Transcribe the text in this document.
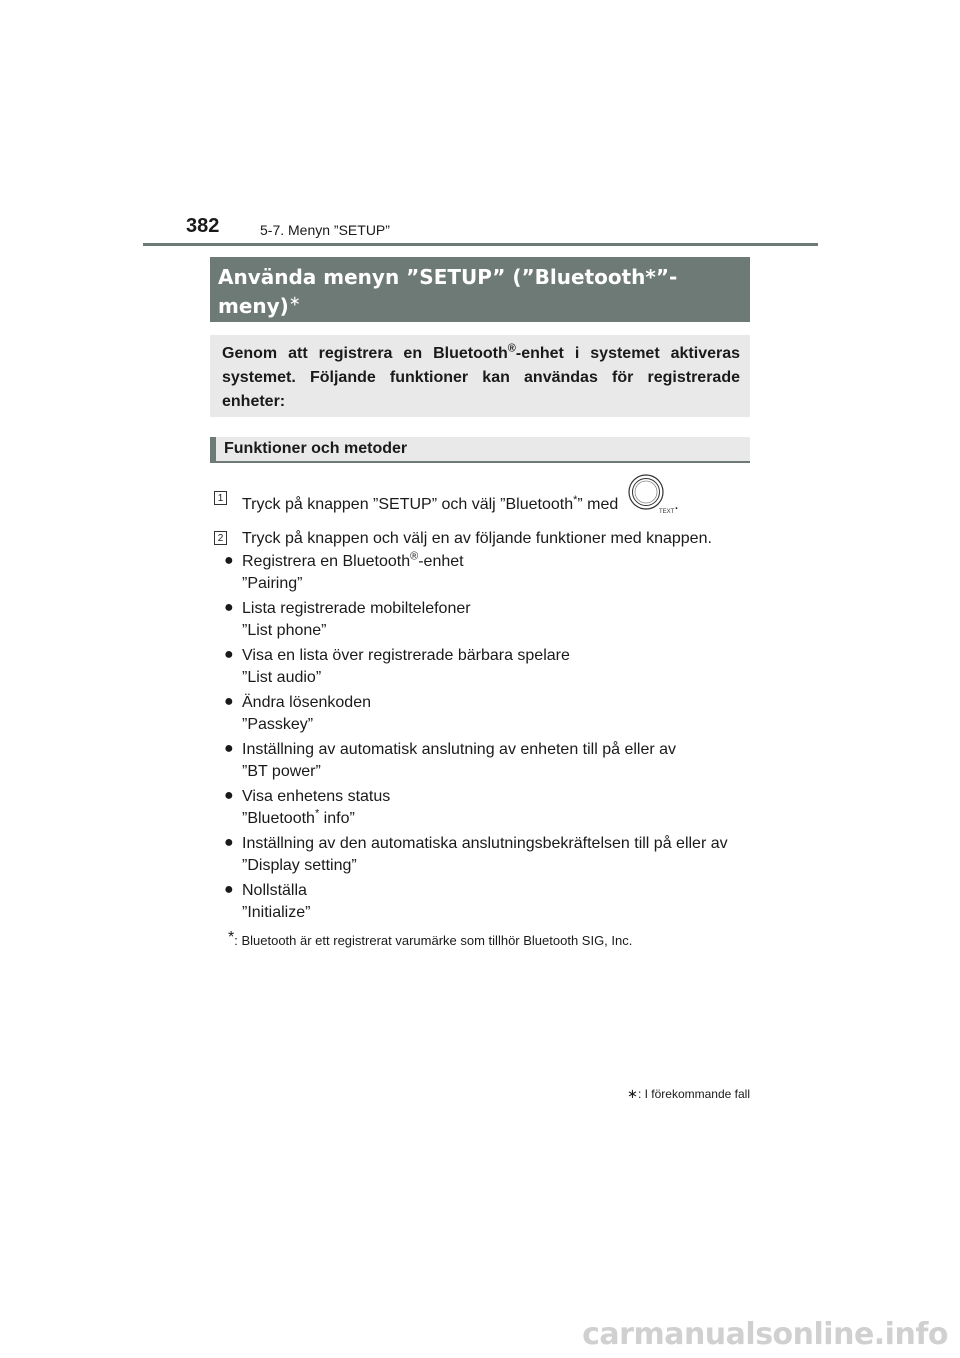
382	5-7. Menyn ”SETUP”
Använda menyn ”SETUP” (”Bluetooth*”-
meny)∗
Genom att registrera en Bluetooth®-enhet i systemet aktiveras systemet. Följande funktioner kan användas för registrerade enheter:
Funktioner och metoder
1 Tryck på knappen ”SETUP” och välj ”Bluetooth*” med	TEXT .
2 Tryck på knappen och välj en av följande funktioner med knappen.
● Registrera en Bluetooth®-enhet
”Pairing”
● Lista registrerade mobiltelefoner
”List phone”
● Visa en lista över registrerade bärbara spelare
”List audio”
● Ändra lösenkoden
”Passkey”
● Inställning av automatisk anslutning av enheten till på eller av
”BT power”
● Visa enhetens status
”Bluetooth* info”
● Inställning av den automatiska anslutningsbekräftelsen till på eller av
”Display setting”
● Nollställa
”Initialize”
*: Bluetooth är ett registrerat varumärke som tillhör Bluetooth SIG, Inc.
∗: I förekommande fall
carmanualsonline.info
